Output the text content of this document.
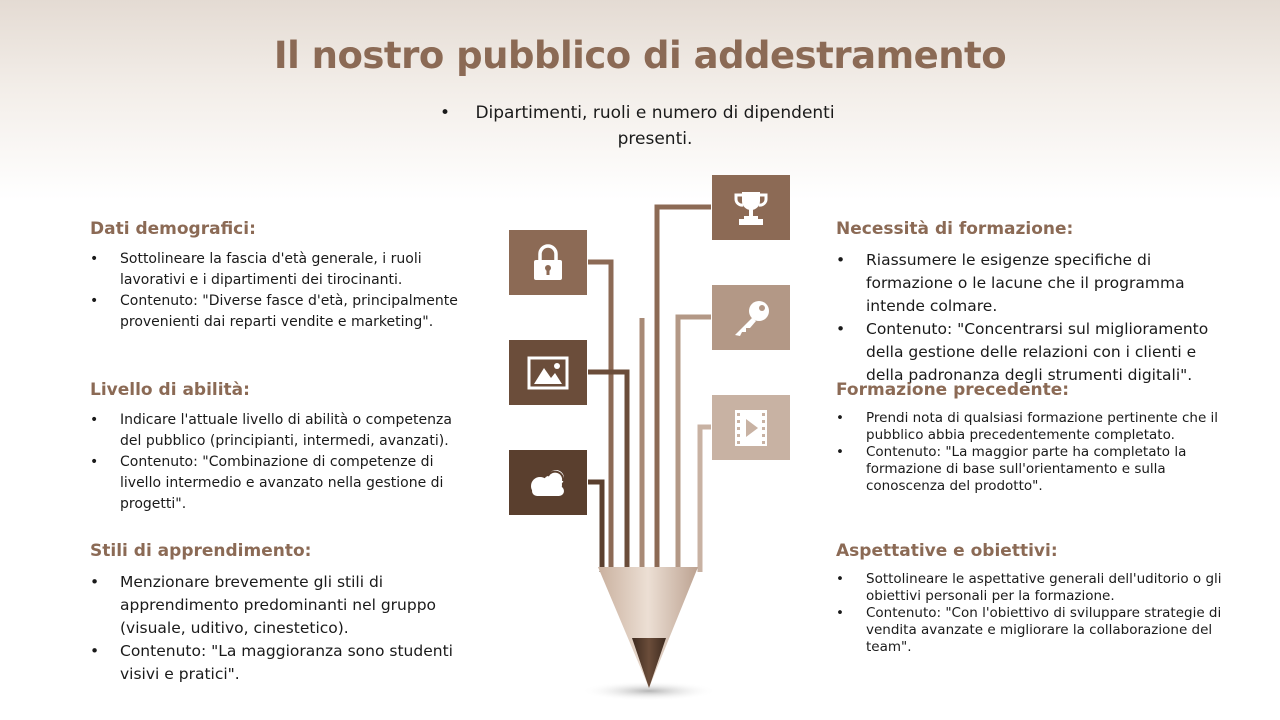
Il nostro pubblico di addestramento
•	Dipartimenti, ruoli e numero di dipendenti presenti.
Dati demografici:
• Sottolineare la fascia d'età generale, i ruoli lavorativi e i dipartimenti dei tirocinanti.
• Contenuto: "Diverse fasce d'età, principalmente provenienti dai reparti vendite e marketing".
Livello di abilità:
• Indicare l'attuale livello di abilità o competenza del pubblico (principianti, intermedi, avanzati).
• Contenuto: "Combinazione di competenze di livello intermedio e avanzato nella gestione di progetti".
Stili di apprendimento:
• Menzionare brevemente gli stili di apprendimento predominanti nel gruppo (visuale, uditivo, cinestetico).
• Contenuto: "La maggioranza sono studenti visivi e pratici".
Necessità di formazione:
• Riassumere le esigenze specifiche di formazione o le lacune che il programma intende colmare.
• Contenuto: "Concentrarsi sul miglioramento della gestione delle relazioni con i clienti e della padronanza degli strumenti digitali".
Formazione precedente:
• Prendi nota di qualsiasi formazione pertinente che il pubblico abbia precedentemente completato.
• Contenuto: "La maggior parte ha completato la formazione di base sull'orientamento e sulla conoscenza del prodotto".
Aspettative e obiettivi:
• Sottolineare le aspettative generali dell'uditorio o gli obiettivi personali per la formazione.
• Contenuto: "Con l'obiettivo di sviluppare strategie di vendita avanzate e migliorare la collaborazione del team".
